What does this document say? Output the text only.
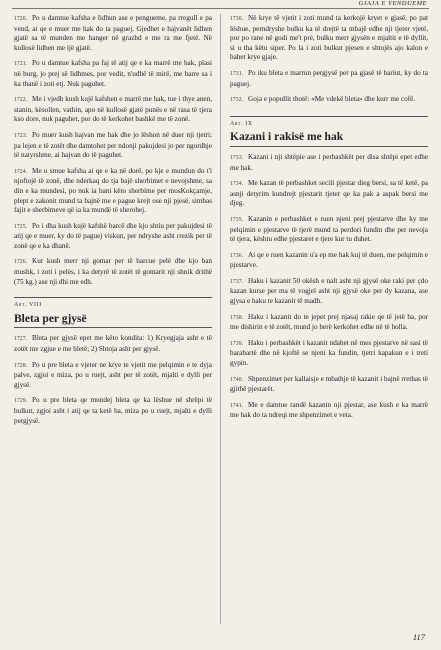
GJAJA E VENDUEME

1720. Po u damtue kafsha e lidhun ase e pengueme, pa rregull e pa vend, ai qe e muer me hak do ta paguej. Gjedhet e hajvanët lidhen gjatë sa të munden me hanger në grazhd e me ra me fjetë. Në kullosë lidhen me ijë gjatë.

1721. Po u damtue kafsha pa faj të atij qe e ka marrë me hak, plasi në burg, jo prej së lidhmes, por vedit, n'udhë të mirë, me barre sa i ka thanë i zoti etj. Nuk paguhet.

1722. Me i vjedh kush kujë kafshen e marrë me hak, tue i thye anen, stanin, kësollen, vathin, apo në kullosë gjatë punës e në rasa të tjera kso dore, nuk paguhet, por do të kerkohet bashkë me të zonë.

1723. Po muer kush hajvan me hak dhe jo lëshon në duer nji tjetri; pa lejen e të zotët dhe damtohet per ndonji pakujdesi jo per ngordhje të natyrshme, ai hajvan do të paguhet.

1724. Me u smue kafsha ai qe e ka në dorë, po kje e mundun do t'i njoftojë të zonë, dhe nderkaq do tja bajë sherbimet e nevojshme, sa din e ka mundesi, po nuk ia bani këto sherbime per mosKokçamje, plept e zakonit mund ta bajnë me e pague krejt ose nji pjesë, simbas fajit e sherbimeve që ia ka mundë të sherohej.

1725. Po i dha kush kujë kafshë barcë dhe kjo shtiu per pakujdesi të atij qe e muer, ky do të paguej viskun, per ndryshe asht rrezik per të zonë qe e ka dhanë.

1726. Kur kush merr nji gomar per të barcue pelë dhe kjo ban mushk, i zoti i pelës, i ka detyrë të zotët të gomarit nji shnik drithë (75 kg.) ase nji dhi me edh.

Art. VIII
Bleta per gjysë

1727. Bleta per gjysë epet me këto kondita: 1) Kryegjaja asht e të zotët me zgjue e me bletë; 2) Shtoja asht per gjysë.

1728. Po u pre bleta e vjeter ne krye te vjetit me pelqimin e te dyja palve, zgjoi e miza, po u ruejt, asht per të zotët, mjalti e dylli per gjysë.

1729. Po u pre bleta qe mundej bleta qe ka lëshue në shrëpi të bulkut, zgjoi asht i atij qe ta ketë ba, miza po u ruejt, mjalti e dylli pergjysë.

1730. Në krye të vjetit i zoti mund ta kerkojë kryet e gjasë, po pat lëshue, perndryshe bulku ka të drejtë ta mbajë edhe nji tjeter vjetë, por po rane në godi me't pré, bulku merr gjysën e mjaltit e të dyllit, si u tha këtu siper. Po la i zoti bulkut pjesen e shtojës ajo kalon e bahet krye gjaje.

1731. Po iku bleta e marrun pergjysë per pa gjasë të bariut, ky do ta paguej.

1732. Goja e popullit thotë: «Me vdekë bleta» dhe kurr me cofë.

Art. IX
Kazani i rakisë me hak

1733. Kazani i nji shtëpie ase i perbashkët per disa shtëpi epet edhe me hak.

1734. Me kazan të perbashket secili pjestar dieg bersi, sa të ketë, pa asnji detyrim kundrejt pjestarit tjeter qe ka pak a aspak bersi me djeg.

1735. Kazanin e perbashket e ruen njeni prej pjestarve dhe ky me pelqimin e pjestarve të tjerë mund ta perdori fundin dhe per nevoja të tjera, kështu edhe pjestaret e tjere kur tu duhet.

1736. Ai qe e ruen kazanin u'a ep me hak kuj të duen, me pelqimin e pjestarve.

1737. Haku i kazanit 50 okësh e nalt asht nji gjysë oke raki per çdo kazan kurse per ma të vogjel asht nji gjysë oke per dy kazana, ase gjysa e haku te kazanit të madh.

1738. Haku i kazanit do te jepet prej njasaj rakie qe të jetë ba, por me dishirin e të zotët, mund jo herë kerkohet edhe në të holla.

1739. Haku i perbashkët i kazanit ndahet në mes pjestarve në sasi të barabartë dhe në kjoftë se njeni ka fundin, tjetri kapakun e i treti gypin.

1740. Shpenzimet per kallaisje e mbathje të kazanit i bajnë rrethas të gjithë pjestarët.

1741. Me e damtue randë kazanin nji pjestar, ase kush e ka marrë me hak do ta ndreqi me shpenzimet e veta.

117
